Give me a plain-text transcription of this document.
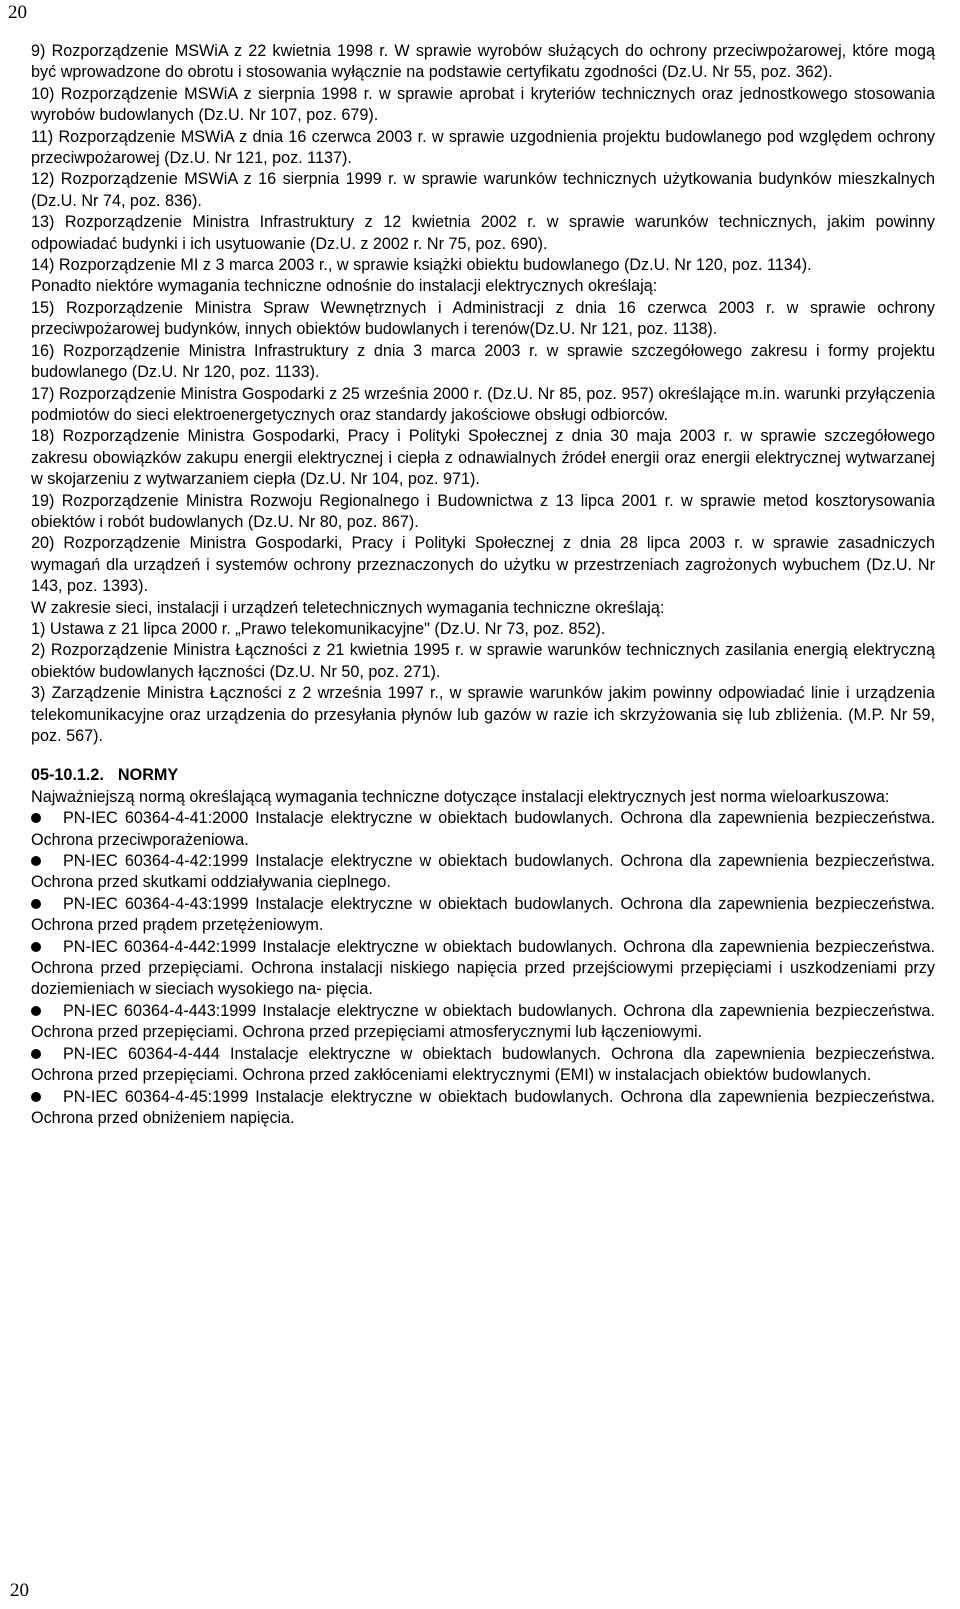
20

9) Rozporządzenie MSWiA z 22 kwietnia 1998 r. W sprawie wyrobów służących do ochrony przeciwpożarowej, które mogą być wprowadzone do obrotu i stosowania wyłącznie na podstawie certyfikatu zgodności (Dz.U. Nr 55, poz. 362).

10) Rozporządzenie MSWiA z sierpnia 1998 r. w sprawie aprobat i kryteriów technicznych oraz jednostkowego stosowania wyrobów budowlanych (Dz.U. Nr 107, poz. 679).

11) Rozporządzenie MSWiA z dnia 16 czerwca 2003 r. w sprawie uzgodnienia projektu budowlanego pod względem ochrony przeciwpożarowej (Dz.U. Nr 121, poz. 1137).

12) Rozporządzenie MSWiA z 16 sierpnia 1999 r. w sprawie warunków technicznych użytkowania budynków mieszkalnych (Dz.U. Nr 74, poz. 836).

13) Rozporządzenie Ministra Infrastruktury z 12 kwietnia 2002 r. w sprawie warunków technicznych, jakim powinny odpowiadać budynki i ich usytuowanie (Dz.U. z 2002 r. Nr 75, poz. 690).

14) Rozporządzenie MI z 3 marca 2003 r., w sprawie książki obiektu budowlanego (Dz.U. Nr 120, poz. 1134).

Ponadto niektóre wymagania techniczne odnośnie do instalacji elektrycznych określają:

15) Rozporządzenie Ministra Spraw Wewnętrznych i Administracji z dnia 16 czerwca 2003 r. w sprawie ochrony przeciwpożarowej budynków, innych obiektów budowlanych i terenów(Dz.U. Nr 121, poz. 1138).

16) Rozporządzenie Ministra Infrastruktury z dnia 3 marca 2003 r. w sprawie szczegółowego zakresu i formy projektu budowlanego (Dz.U. Nr 120, poz. 1133).

17) Rozporządzenie Ministra Gospodarki z 25 września 2000 r. (Dz.U. Nr 85, poz. 957) określające m.in. warunki przyłączenia podmiotów do sieci elektroenergetycznych oraz standardy jakościowe obsługi odbiorców.

18) Rozporządzenie Ministra Gospodarki, Pracy i Polityki Społecznej z dnia 30 maja 2003 r. w sprawie szczegółowego zakresu obowiązków zakupu energii elektrycznej i ciepła z odnawialnych źródeł energii oraz energii elektrycznej wytwarzanej w skojarzeniu z wytwarzaniem ciepła (Dz.U. Nr 104, poz. 971).

19) Rozporządzenie Ministra Rozwoju Regionalnego i Budownictwa z 13 lipca 2001 r. w sprawie metod kosztorysowania obiektów i robót budowlanych (Dz.U. Nr 80, poz. 867).

20) Rozporządzenie Ministra Gospodarki, Pracy i Polityki Społecznej z dnia 28 lipca 2003 r. w sprawie zasadniczych wymagań dla urządzeń i systemów ochrony przeznaczonych do użytku w przestrzeniach zagrożonych wybuchem (Dz.U. Nr 143, poz. 1393).

W zakresie sieci, instalacji i urządzeń teletechnicznych wymagania techniczne określają:

1) Ustawa z 21 lipca 2000 r. „Prawo telekomunikacyjne" (Dz.U. Nr 73, poz. 852).

2) Rozporządzenie Ministra Łączności z 21 kwietnia 1995 r. w sprawie warunków technicznych zasilania energią elektryczną obiektów budowlanych łączności (Dz.U. Nr 50, poz. 271).

3) Zarządzenie Ministra Łączności z 2 września 1997 r., w sprawie warunków jakim powinny odpowiadać linie i urządzenia telekomunikacyjne oraz urządzenia do przesyłania płynów lub gazów w razie ich skrzyżowania się lub zbliżenia. (M.P. Nr 59, poz. 567).

05-10.1.2. NORMY

Najważniejszą normą określającą wymagania techniczne dotyczące instalacji elektrycznych jest norma wieloarkuszowa:

PN-IEC 60364-4-41:2000 Instalacje elektryczne w obiektach budowlanych. Ochrona dla zapewnienia bezpieczeństwa. Ochrona przeciwporażeniowa.

PN-IEC 60364-4-42:1999 Instalacje elektryczne w obiektach budowlanych. Ochrona dla zapewnienia bezpieczeństwa. Ochrona przed skutkami oddziaływania cieplnego.

PN-IEC 60364-4-43:1999 Instalacje elektryczne w obiektach budowlanych. Ochrona dla zapewnienia bezpieczeństwa. Ochrona przed prądem przetężeniowym.

PN-IEC 60364-4-442:1999 Instalacje elektryczne w obiektach budowlanych. Ochrona dla zapewnienia bezpieczeństwa. Ochrona przed przepięciami. Ochrona instalacji niskiego napięcia przed przejściowymi przepięciami i uszkodzeniami przy doziemieniach w sieciach wysokiego na- pięcia.

PN-IEC 60364-4-443:1999 Instalacje elektryczne w obiektach budowlanych. Ochrona dla zapewnienia bezpieczeństwa. Ochrona przed przepięciami. Ochrona przed przepięciami atmosferycznymi lub łączeniowymi.

PN-IEC 60364-4-444 Instalacje elektryczne w obiektach budowlanych. Ochrona dla zapewnienia bezpieczeństwa. Ochrona przed przepięciami. Ochrona przed zakłóceniami elektrycznymi (EMI) w instalacjach obiektów budowlanych.

PN-IEC 60364-4-45:1999 Instalacje elektryczne w obiektach budowlanych. Ochrona dla zapewnienia bezpieczeństwa. Ochrona przed obniżeniem napięcia.

20
